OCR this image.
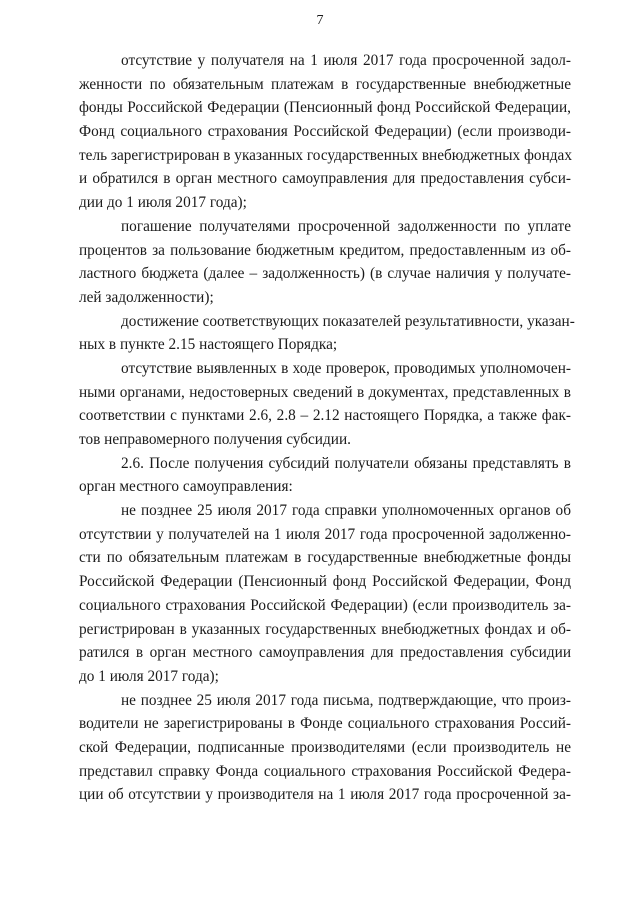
7
отсутствие у получателя на 1 июля 2017 года просроченной задол-
женности по обязательным платежам в государственные внебюджетные
фонды Российской Федерации (Пенсионный фонд Российской Федерации,
Фонд социального страхования Российской Федерации) (если производи-
тель зарегистрирован в указанных государственных внебюджетных фондах
и обратился в орган местного самоуправления для предоставления субси-
дии до 1 июля 2017 года);
погашение получателями просроченной задолженности по уплате
процентов за пользование бюджетным кредитом, предоставленным из об-
ластного бюджета (далее – задолженность) (в случае наличия у получате-
лей задолженности);
достижение соответствующих показателей результативности, указан-
ных в пункте 2.15 настоящего Порядка;
отсутствие выявленных в ходе проверок, проводимых уполномочен-
ными органами, недостоверных сведений в документах, представленных в
соответствии с пунктами 2.6, 2.8 – 2.12 настоящего Порядка, а также фак-
тов неправомерного получения субсидии.
2.6. После получения субсидий получатели обязаны представлять в
орган местного самоуправления:
не позднее 25 июля 2017 года справки уполномоченных органов об
отсутствии у получателей на 1 июля 2017 года просроченной задолженно-
сти по обязательным платежам в государственные внебюджетные фонды
Российской Федерации (Пенсионный фонд Российской Федерации, Фонд
социального страхования Российской Федерации) (если производитель за-
регистрирован в указанных государственных внебюджетных фондах и об-
ратился в орган местного самоуправления для предоставления субсидии
до 1 июля 2017 года);
не позднее 25 июля 2017 года письма, подтверждающие, что произ-
водители не зарегистрированы в Фонде социального страхования Россий-
ской Федерации, подписанные производителями (если производитель не
представил справку Фонда социального страхования Российской Федера-
ции об отсутствии у производителя на 1 июля 2017 года просроченной за-
